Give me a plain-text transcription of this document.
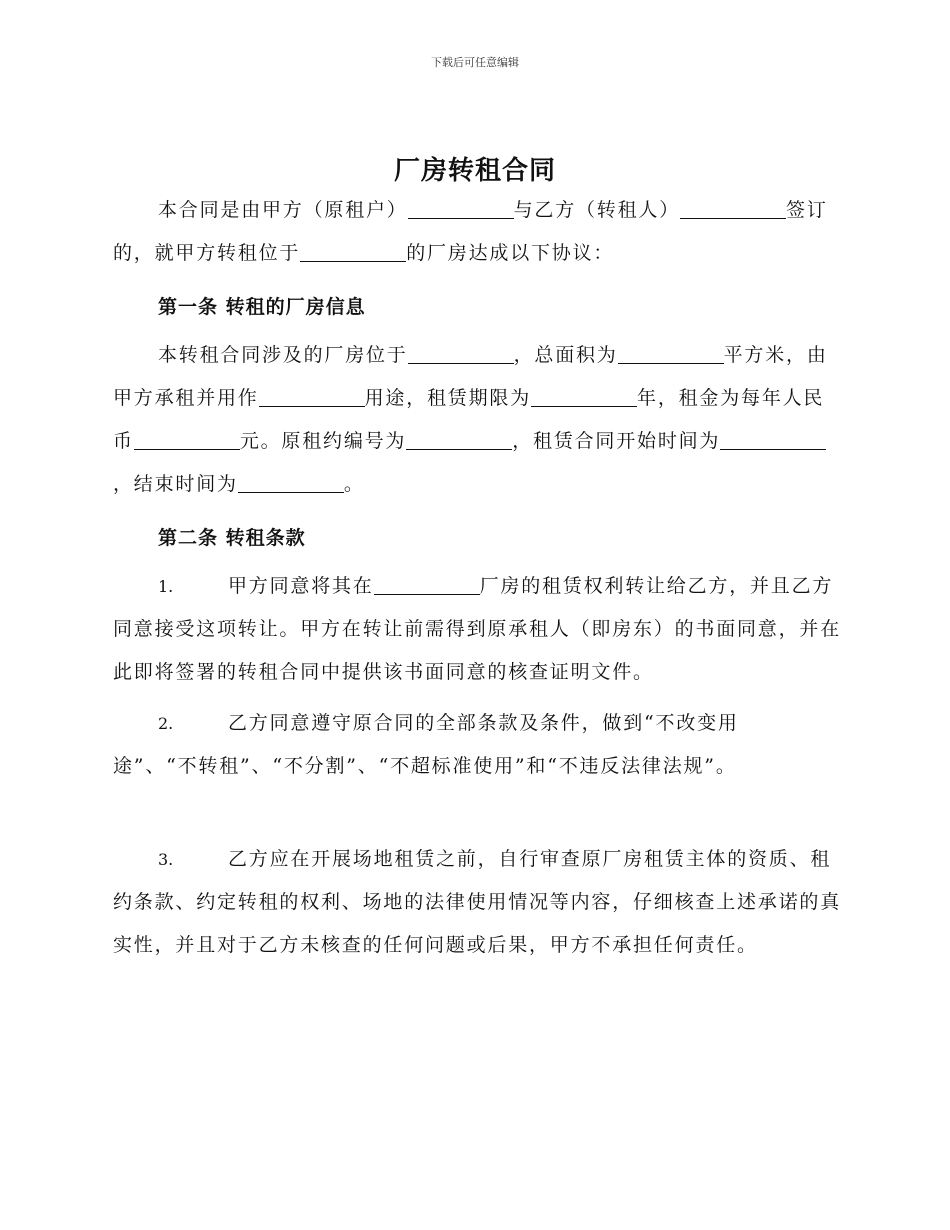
下载后可任意编辑
厂房转租合同
本合同是由甲方（原租户）	与乙方（转租人）	签订的，就甲方转租位于	的厂房达成以下协议：
第一条 转租的厂房信息
本转租合同涉及的厂房位于	，总面积为	平方米，由甲方承租并用作	用途，租赁期限为	年，租金为每年人民币	元。原租约编号为	，租赁合同开始时间为，结束时间为	。
第二条 转租条款
1.	甲方同意将其在	厂房的租赁权利转让给乙方，并且乙方同意接受这项转让。甲方在转让前需得到原承租人（即房东）的书面同意，并在此即将签署的转租合同中提供该书面同意的核查证明文件。
2.	乙方同意遵守原合同的全部条款及条件，做到“不改变用途”、“不转租”、“不分割”、“不超标准使用”和“不违反法律法规”。
3.	乙方应在开展场地租赁之前，自行审查原厂房租赁主体的资质、租约条款、约定转租的权利、场地的法律使用情况等内容，仔细核查上述承诺的真实性，并且对于乙方未核查的任何问题或后果，甲方不承担任何责任。
